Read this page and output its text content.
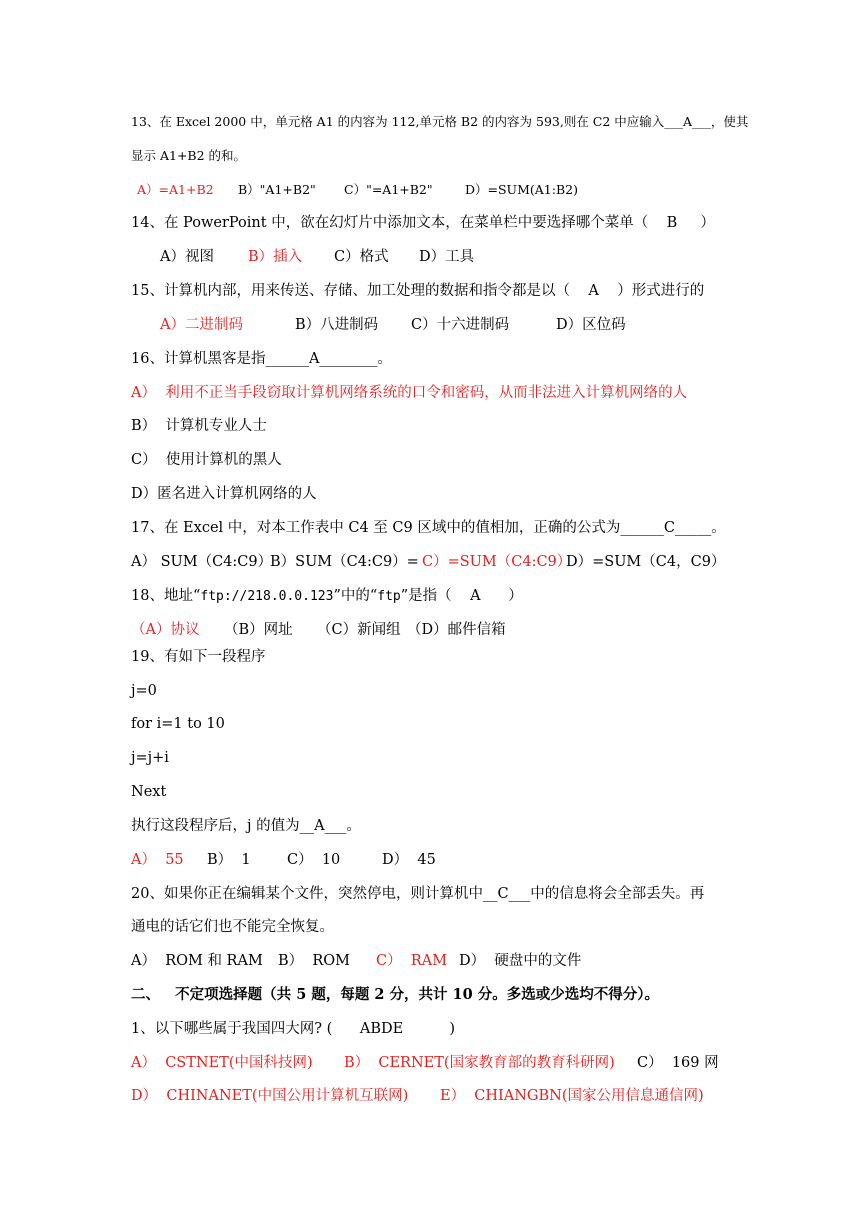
13、在 Excel 2000 中，单元格 A1 的内容为 112,单元格 B2 的内容为 593,则在 C2 中应输入___A___，使其
显示 A1+B2 的和。
A）=A1+B2 B）"A1+B2" C）"=A1+B2"	D）=SUM(A1:B2)
14、在 PowerPoint 中，欲在幻灯片中添加文本，在菜单栏中要选择哪个菜单（    B     ）
A）视图 B）插入 C）格式 D）工具
15、计算机内部，用来传送、存储、加工处理的数据和指令都是以（    A    ）形式进行的
A）二进制码	B）八进制码 C）十六进制码	D）区位码
16、计算机黑客是指______A________。
A）  利用不正当手段窃取计算机网络系统的口令和密码，从而非法进入计算机网络的人
B）  计算机专业人士
C）  使用计算机的黑人
D）匿名进入计算机网络的人
17、在 Excel 中，对本工作表中 C4 至 C9 区域中的值相加，正确的公式为______C_____。
A） SUM（C4:C9）
B）SUM（C4:C9）= C）=SUM（C4:C9）
D）=SUM（C4，C9）
18、地址“ftp://218.0.0.123”中的“ftp”是指（    A      ）
（A）协议 （B）网址 （C）新闻组 （D）邮件信箱
19、有如下一段程序
j=0
for i=1 to 10
j=j+i
Next
执行这段程序后，j 的值为__A___。
A）  55 B）  1	C）  10	D）  45
20、如果你正在编辑某个文件，突然停电，则计算机中__C___中的信息将会全部丢失。再
通电的话它们也不能完全恢复。
A）  ROM 和 RAM B）  ROM C）  RAM D）  硬盘中的文件
二、   不定项选择题（共 5 题，每题 2 分，共计 10 分。多选或少选均不得分）。
1、以下哪些属于我国四大网? (      ABDE          )
A）  CSTNET(中国科技网) B）  CERNET(国家教育部的教育科研网) C）  169 网
D）  CHINANET(中国公用计算机互联网) E）  CHIANGBN(国家公用信息通信网)
